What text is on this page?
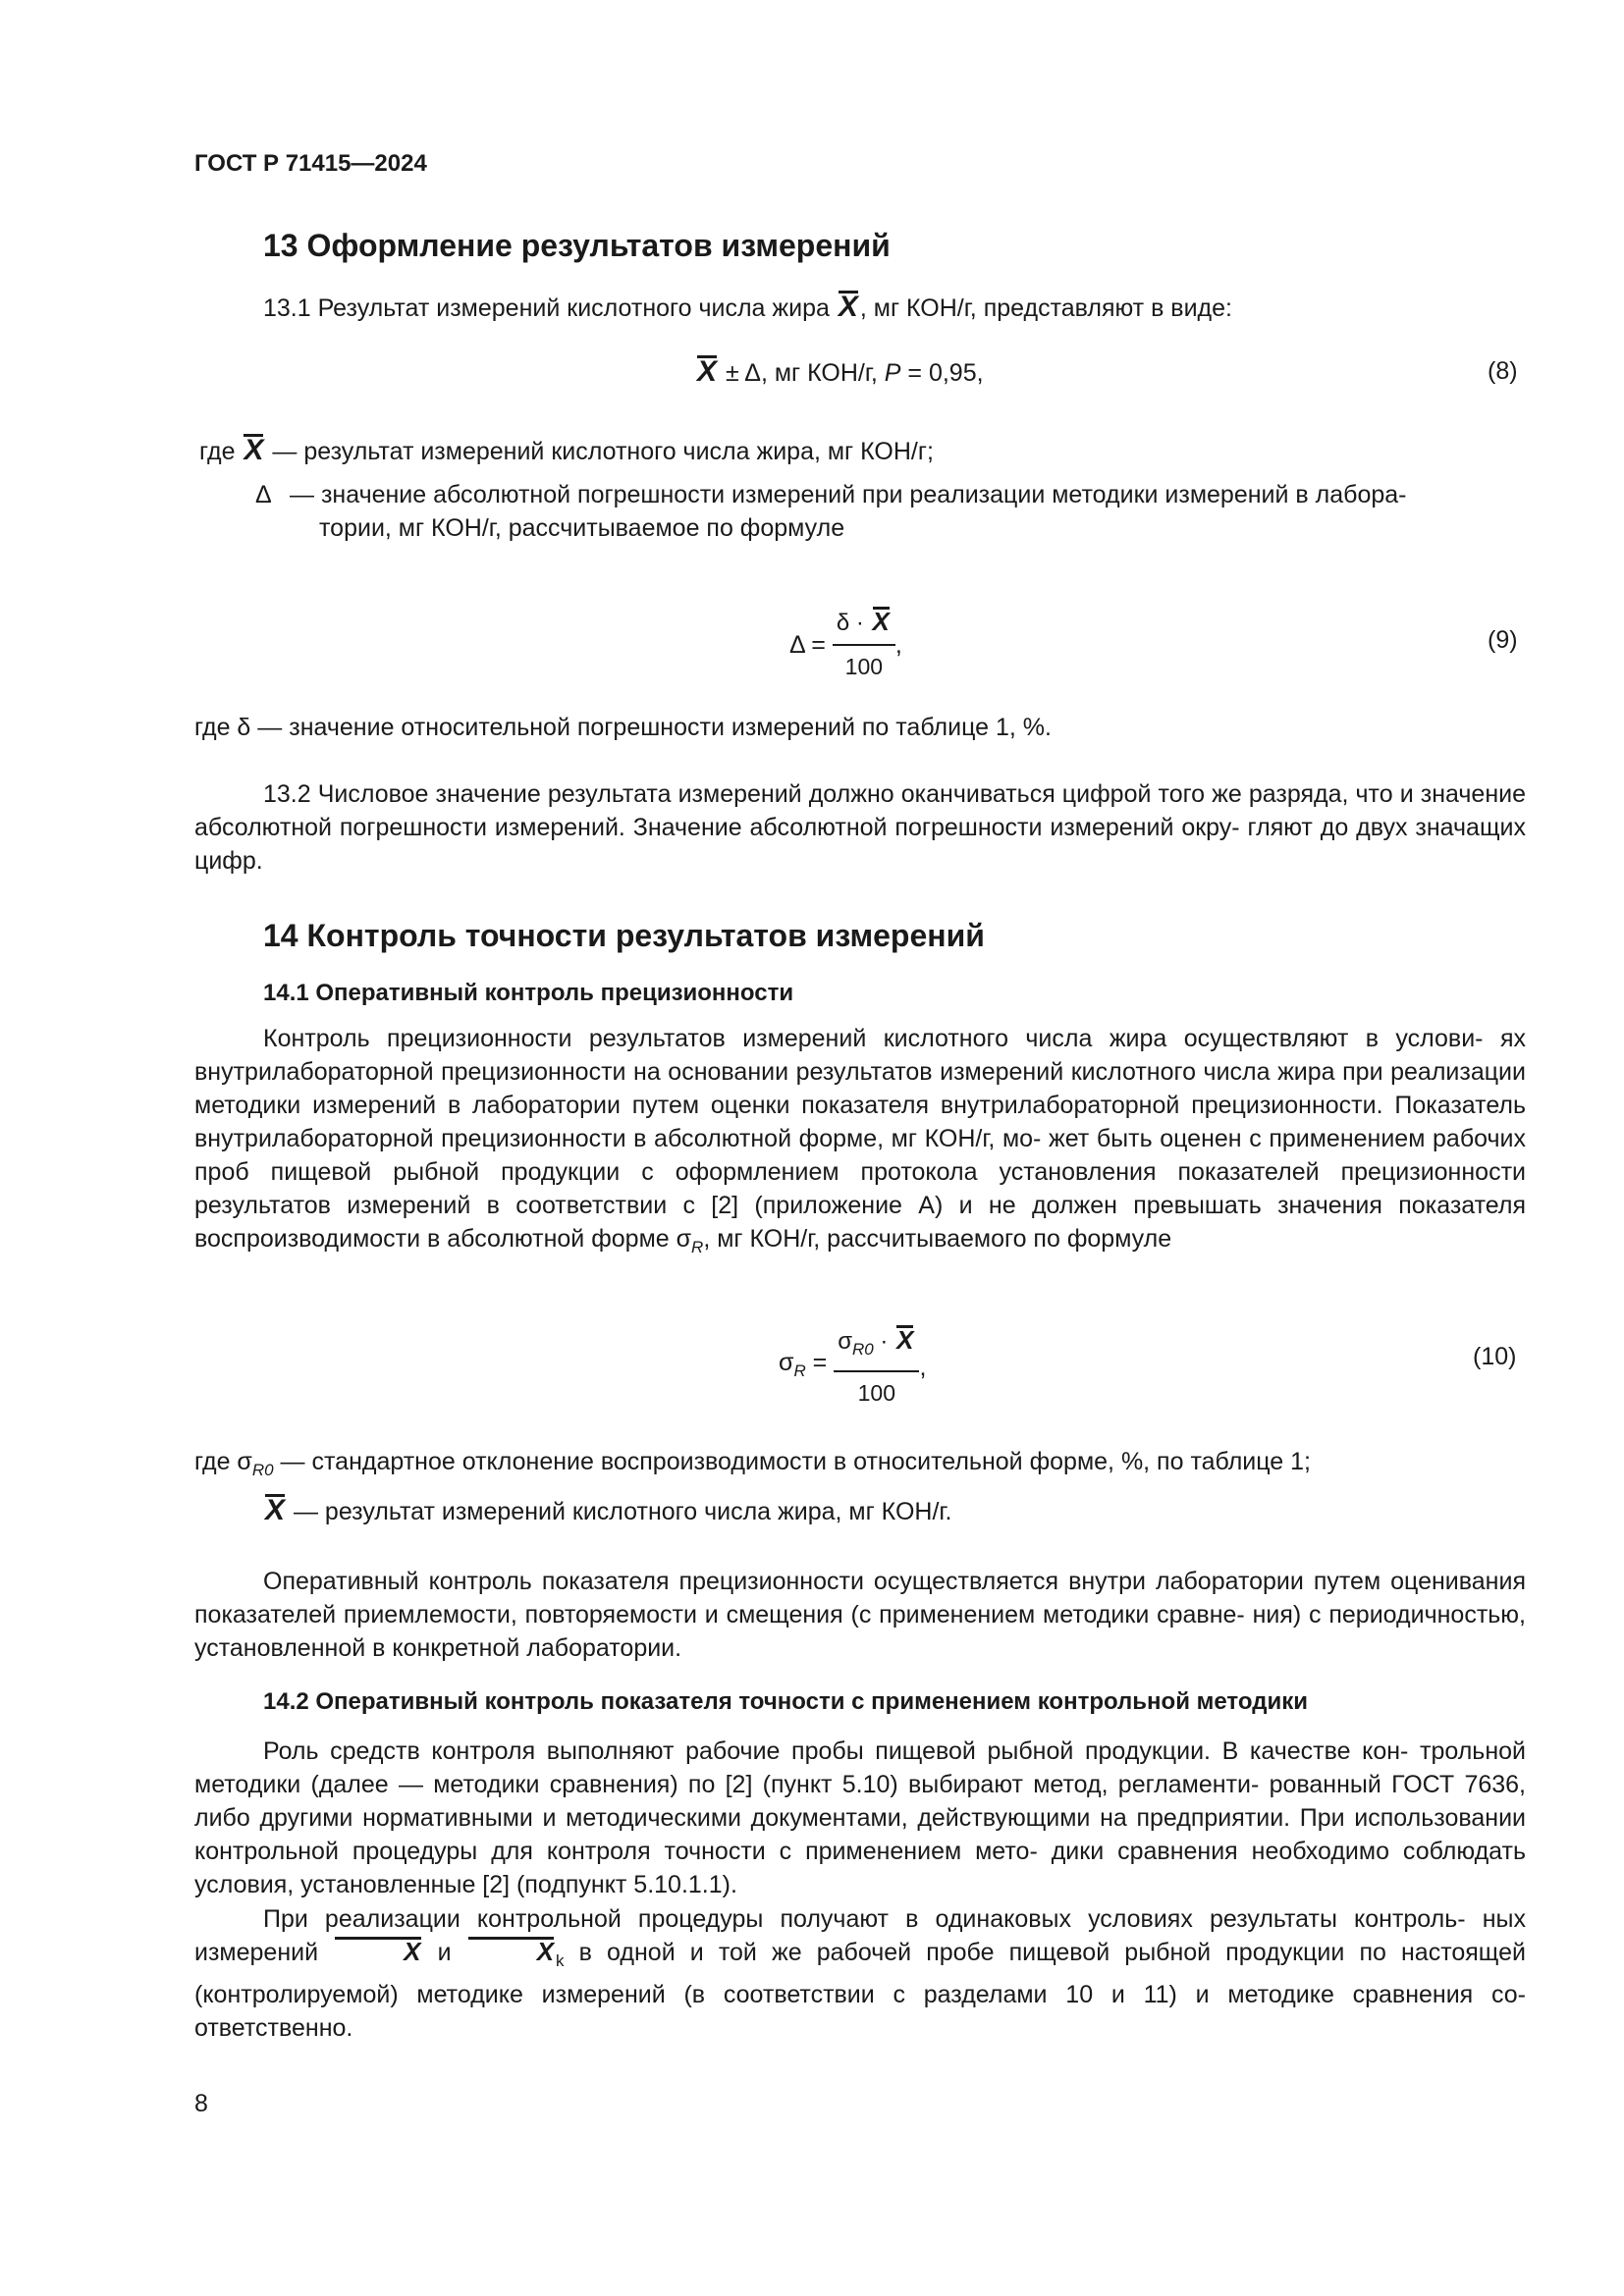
ГОСТ Р 71415—2024
13 Оформление результатов измерений
13.1 Результат измерений кислотного числа жира X, мг КОН/г, представляют в виде:
X ± Δ, мг КОН/г, P = 0,95,	(8)
где X — результат измерений кислотного числа жира, мг КОН/г;
Δ — значение абсолютной погрешности измерений при реализации методики измерений в лабора-
тории, мг КОН/г, рассчитываемое по формуле
$\Delta = \frac{\delta \cdot X}{100}$ ,	(9)
где δ — значение относительной погрешности измерений по таблице 1, %.
13.2 Числовое значение результата измерений должно оканчиваться цифрой того же разряда, что и значение абсолютной погрешности измерений. Значение абсолютной погрешности измерений окру- гляют до двух значащих цифр.
14 Контроль точности результатов измерений
14.1 Оперативный контроль прецизионности
Контроль прецизионности результатов измерений кислотного числа жира осуществляют в услови- ях внутрилабораторной прецизионности на основании результатов измерений кислотного числа жира при реализации методики измерений в лаборатории путем оценки показателя внутрилабораторной прецизионности. Показатель внутрилабораторной прецизионности в абсолютной форме, мг КОН/г, мо- жет быть оценен с применением рабочих проб пищевой рыбной продукции с оформлением протокола установления показателей прецизионности результатов измерений в соответствии с [2] (приложение А) и не должен превышать значения показателя воспроизводимости в абсолютной форме $\sigma_R$, мг КОН/г, рассчитываемого по формуле
$\sigma_R = \frac{\sigma_{R0} \cdot X}{100}$ ,	(10)
где $\sigma_{R0}$ — стандартное отклонение воспроизводимости в относительной форме, %, по таблице 1;
X — результат измерений кислотного числа жира, мг КОН/г.
Оперативный контроль показателя прецизионности осуществляется внутри лаборатории путем оценивания показателей приемлемости, повторяемости и смещения (с применением методики сравне- ния) с периодичностью, установленной в конкретной лаборатории.
14.2 Оперативный контроль показателя точности с применением контрольной методики
Роль средств контроля выполняют рабочие пробы пищевой рыбной продукции. В качестве кон- трольной методики (далее — методики сравнения) по [2] (пункт 5.10) выбирают метод, регламенти- рованный ГОСТ 7636, либо другими нормативными и методическими документами, действующими на предприятии. При использовании контрольной процедуры для контроля точности с применением мето- дики сравнения необходимо соблюдать условия, установленные [2] (подпункт 5.10.1.1).
При реализации контрольной процедуры получают в одинаковых условиях результаты контроль- ных измерений	X и	X $_k$ в одной и той же рабочей пробе пищевой рыбной продукции по настоящей (контролируемой) методике измерений (в соответствии с разделами 10 и 11) и методике сравнения со- ответственно.
8
